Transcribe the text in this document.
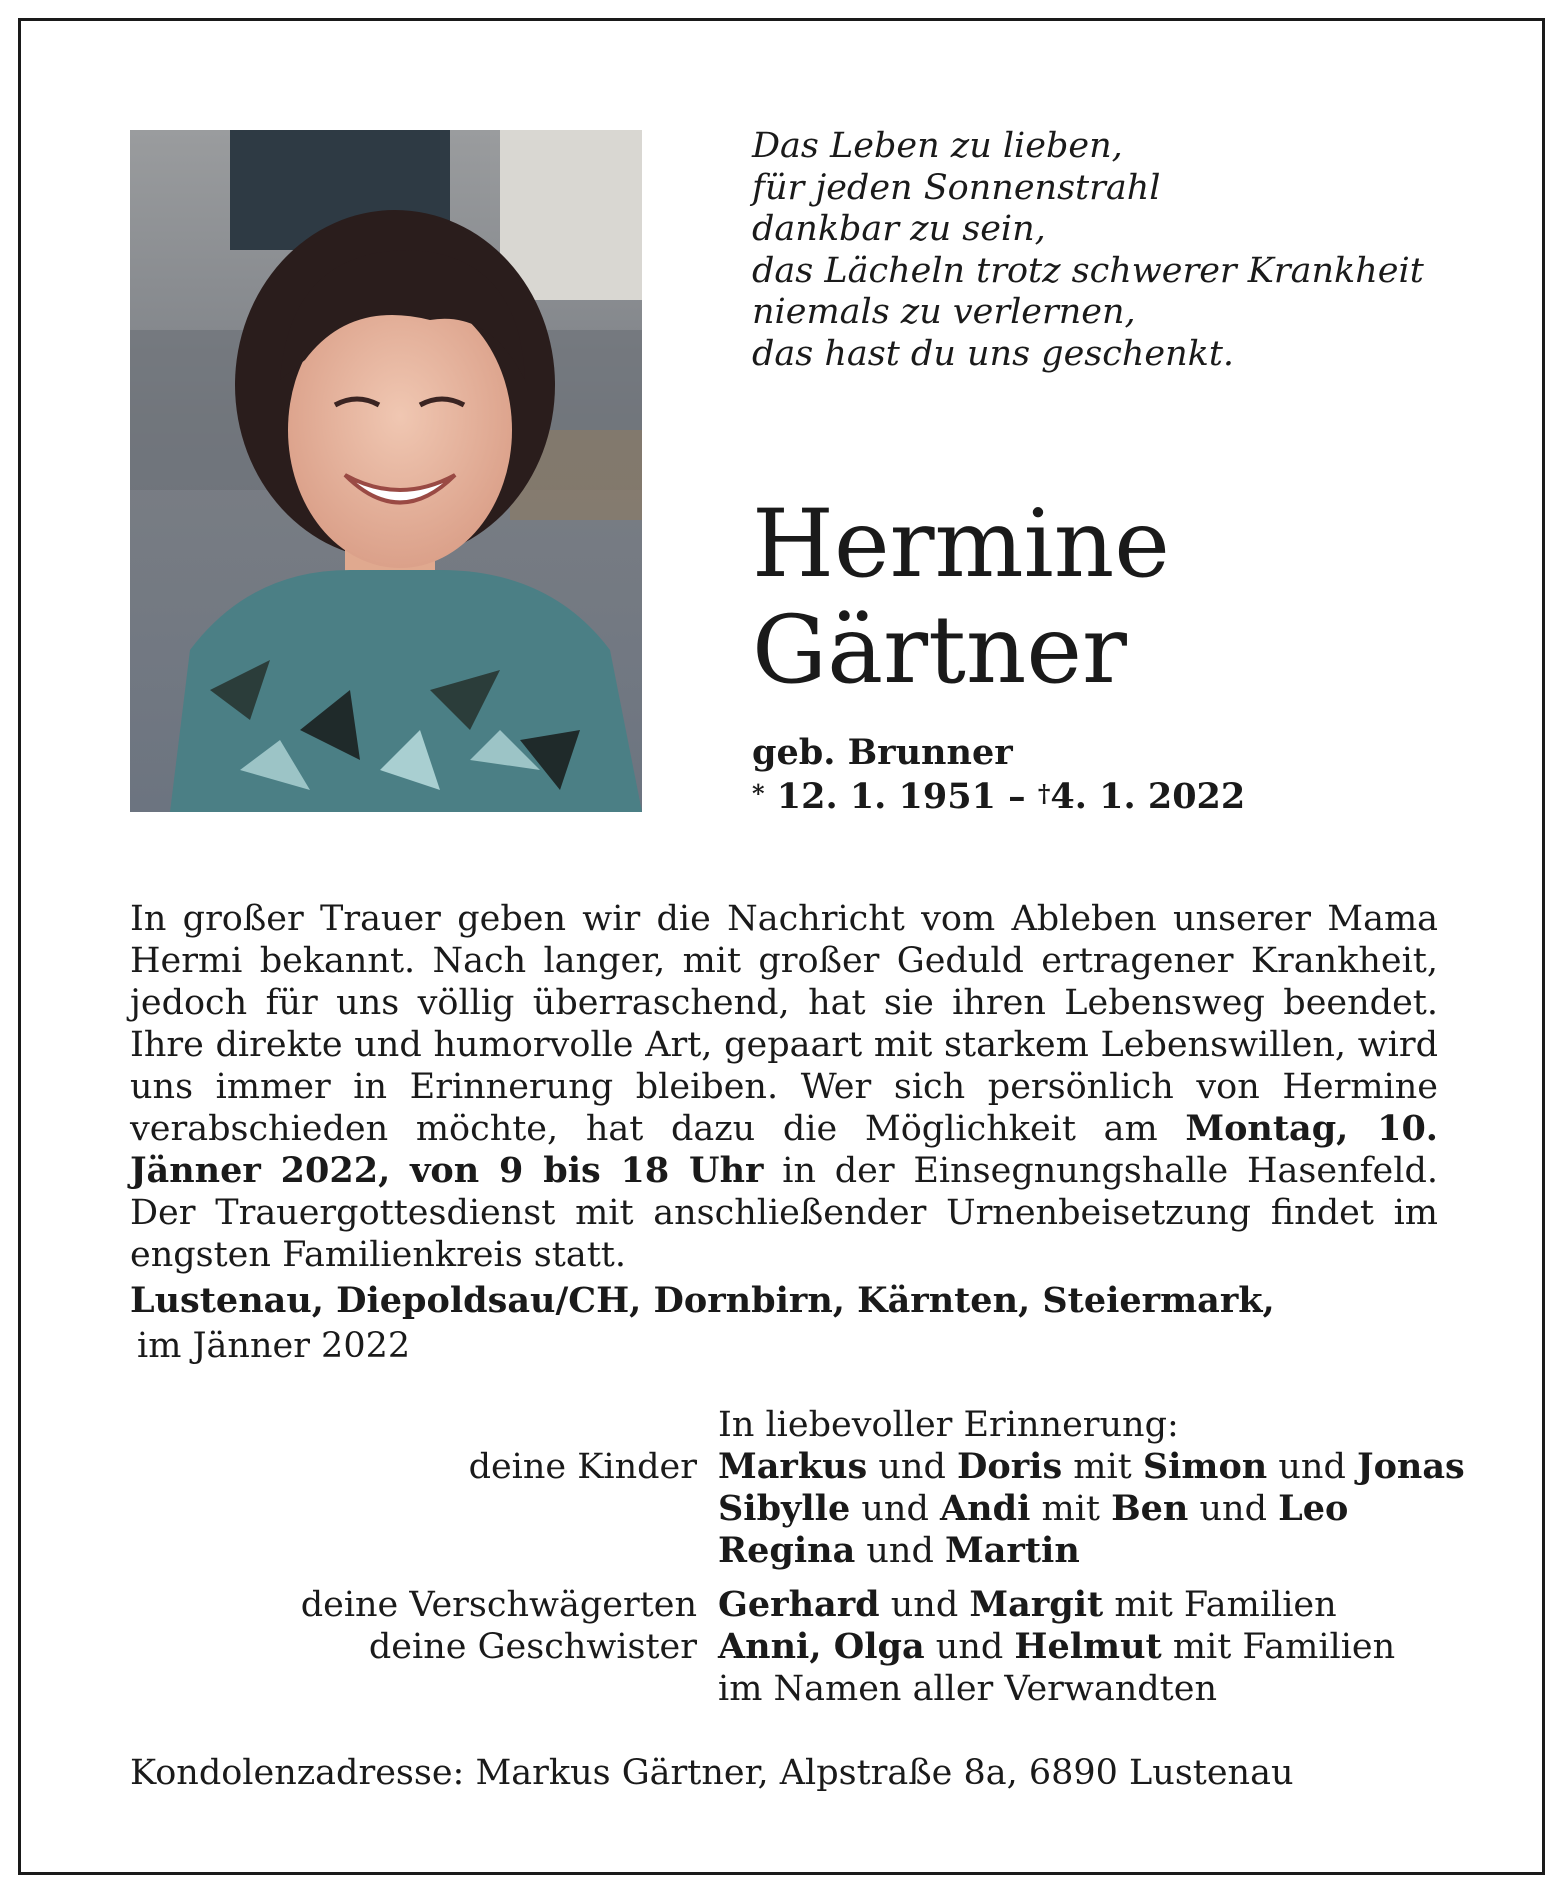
Das Leben zu lieben,
für jeden Sonnenstrahl
dankbar zu sein,
das Lächeln trotz schwerer Krankheit
niemals zu verlernen,
das hast du uns geschenkt.
Hermine
Gärtner
geb. Brunner
* 12. 1. 1951 – †4. 1. 2022
In großer Trauer geben wir die Nachricht vom Ableben unserer Mama Hermi bekannt. Nach langer, mit großer Geduld ertragener Krankheit, jedoch für uns völlig überraschend, hat sie ihren Lebensweg beendet. Ihre direkte und humorvolle Art, gepaart mit starkem Lebenswillen, wird uns immer in Erinnerung bleiben. Wer sich persönlich von Hermine verabschieden möchte, hat dazu die Möglichkeit am Montag, 10. Jänner 2022, von 9 bis 18 Uhr in der Einsegnungshalle Hasenfeld. Der Trauergottesdienst mit anschließender Urnenbeisetzung findet im engsten Familienkreis statt.
Lustenau, Diepoldsau/CH, Dornbirn, Kärnten, Steiermark,
im Jänner 2022
In liebevoller Erinnerung:
deine Kinder Markus und Doris mit Simon und Jonas
Sibylle und Andi mit Ben und Leo
Regina und Martin
deine Verschwägerten Gerhard und Margit mit Familien
deine Geschwister Anni, Olga und Helmut mit Familien
im Namen aller Verwandten
Kondolenzadresse: Markus Gärtner, Alpstraße 8a, 6890 Lustenau
